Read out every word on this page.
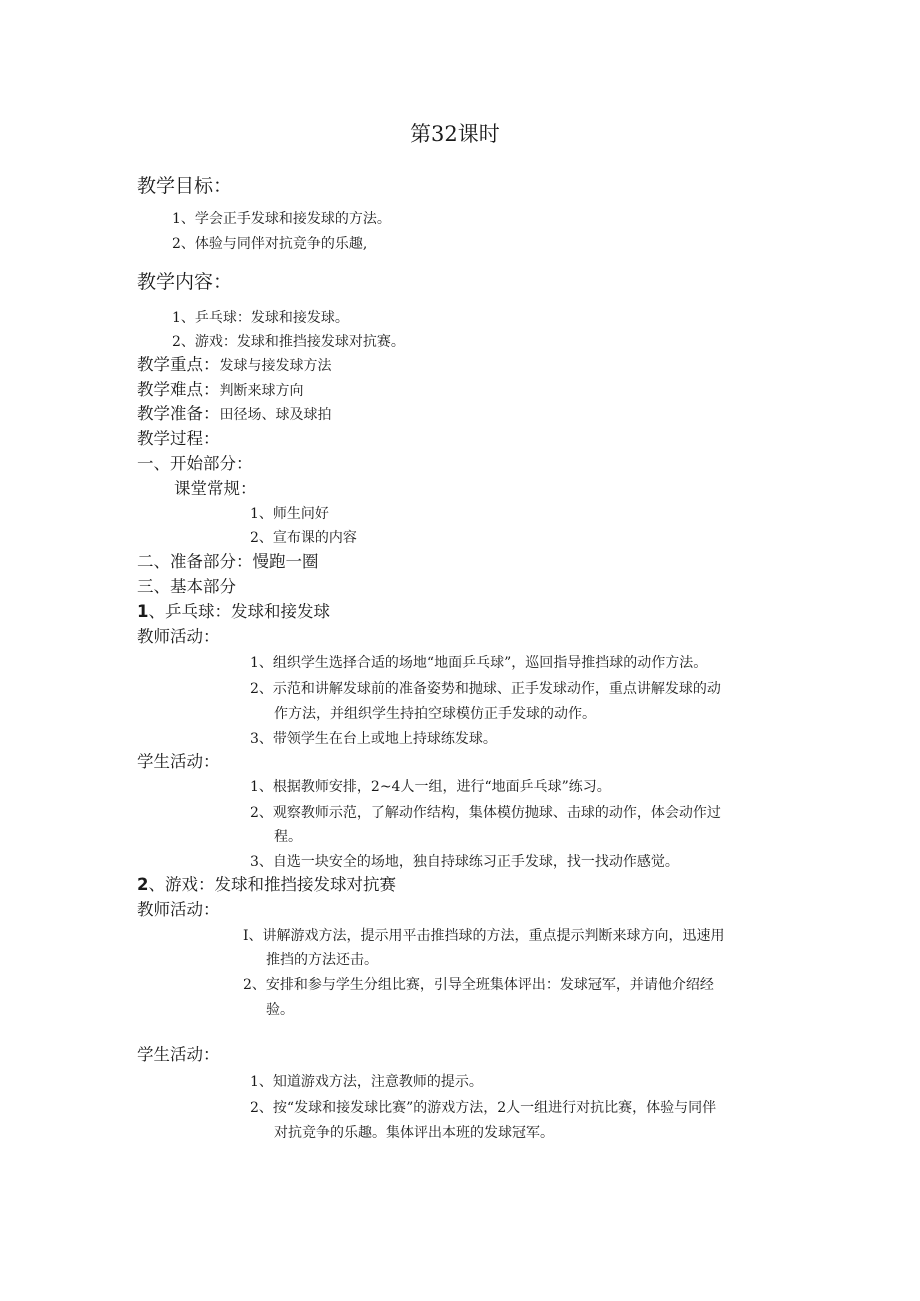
第32课时
教学目标：
1、学会正手发球和接发球的方法。
2、体验与同伴对抗竞争的乐趣,
教学内容：
1、乒乓球：发球和接发球。
2、游戏：发球和推挡接发球对抗赛。
教学重点：发球与接发球方法
教学难点：判断来球方向
教学准备：田径场、球及球拍
教学过程：
一、开始部分：
课堂常规：
1、师生问好
2、宣布课的内容
二、准备部分：慢跑一圈
三、基本部分
1、乒乓球：发球和接发球
教师活动：
1、组织学生选择合适的场地“地面乒乓球”，巡回指导推挡球的动作方法。
2、示范和讲解发球前的准备姿势和抛球、正手发球动作，重点讲解发球的动
作方法，并组织学生持拍空球模仿正手发球的动作。
3、带领学生在台上或地上持球练发球。
学生活动：
1、根据教师安排，2~4人一组，进行“地面乒乓球”练习。
2、观察教师示范，了解动作结构，集体模仿抛球、击球的动作，体会动作过
程。
3、自选一块安全的场地，独自持球练习正手发球，找一找动作感觉。
2、游戏：发球和推挡接发球对抗赛
教师活动：
I、讲解游戏方法，提示用平击推挡球的方法，重点提示判断来球方向，迅速用
推挡的方法还击。
2、安排和参与学生分组比赛，引导全班集体评出：发球冠军，并请他介绍经
验。
学生活动：
1、知道游戏方法，注意教师的提示。
2、按“发球和接发球比赛”的游戏方法，2人一组进行对抗比赛，体验与同伴
对抗竞争的乐趣。集体评出本班的发球冠军。
